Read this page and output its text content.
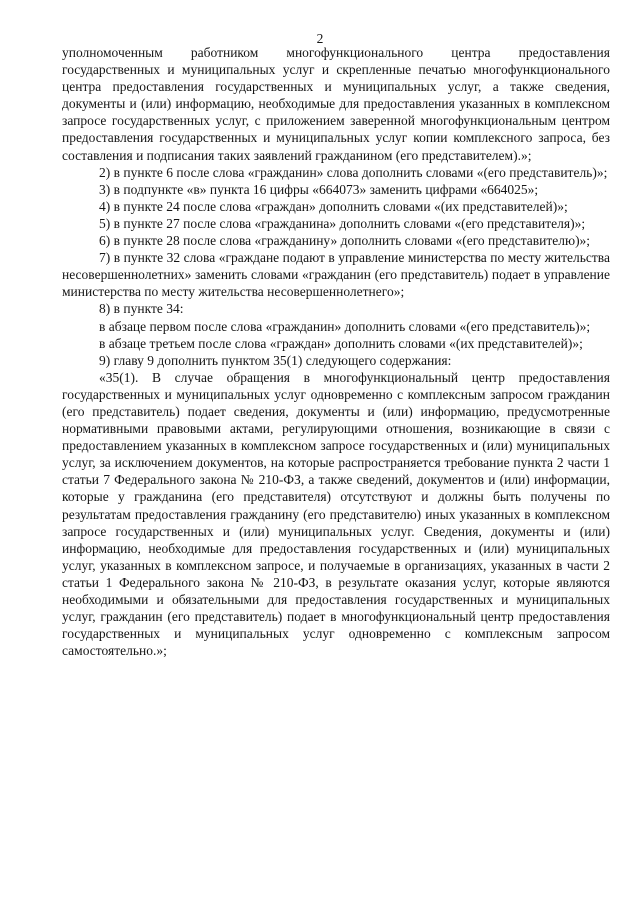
2

уполномоченным работником многофункционального центра предоставления государственных и муниципальных услуг и скрепленные печатью многофункционального центра предоставления государственных и муниципальных услуг, а также сведения, документы и (или) информацию, необходимые для предоставления указанных в комплексном запросе государственных услуг, с приложением заверенной многофункциональным центром предоставления государственных и муниципальных услуг копии комплексного запроса, без составления и подписания таких заявлений гражданином (его представителем).»;

2) в пункте 6 после слова «гражданин» слова дополнить словами «(его представитель)»;

3) в подпункте «в» пункта 16 цифры «664073» заменить цифрами «664025»;

4) в пункте 24 после слова «граждан» дополнить словами «(их представителей)»;

5) в пункте 27 после слова «гражданина» дополнить словами «(его представителя)»;

6) в пункте 28 после слова «гражданину» дополнить словами «(его представителю)»;

7) в пункте 32 слова «граждане подают в управление министерства по месту жительства несовершеннолетних» заменить словами «гражданин (его представитель) подает в управление министерства по месту жительства несовершеннолетнего»;

8) в пункте 34:

в абзаце первом после слова «гражданин» дополнить словами «(его представитель)»;

в абзаце третьем после слова «граждан» дополнить словами «(их представителей)»;

9) главу 9 дополнить пунктом 35(1) следующего содержания:

«35(1). В случае обращения в многофункциональный центр предоставления государственных и муниципальных услуг одновременно с комплексным запросом гражданин (его представитель) подает сведения, документы и (или) информацию, предусмотренные нормативными правовыми актами, регулирующими отношения, возникающие в связи с предоставлением указанных в комплексном запросе государственных и (или) муниципальных услуг, за исключением документов, на которые распространяется требование пункта 2 части 1 статьи 7 Федерального закона № 210-ФЗ, а также сведений, документов и (или) информации, которые у гражданина (его представителя) отсутствуют и должны быть получены по результатам предоставления гражданину (его представителю) иных указанных в комплексном запросе государственных и (или) муниципальных услуг. Сведения, документы и (или) информацию, необходимые для предоставления государственных и (или) муниципальных услуг, указанных в комплексном запросе, и получаемые в организациях, указанных в части 2 статьи 1 Федерального закона № 210-ФЗ, в результате оказания услуг, которые являются необходимыми и обязательными для предоставления государственных и муниципальных услуг, гражданин (его представитель) подает в многофункциональный центр предоставления государственных и муниципальных услуг одновременно с комплексным запросом самостоятельно.»;
